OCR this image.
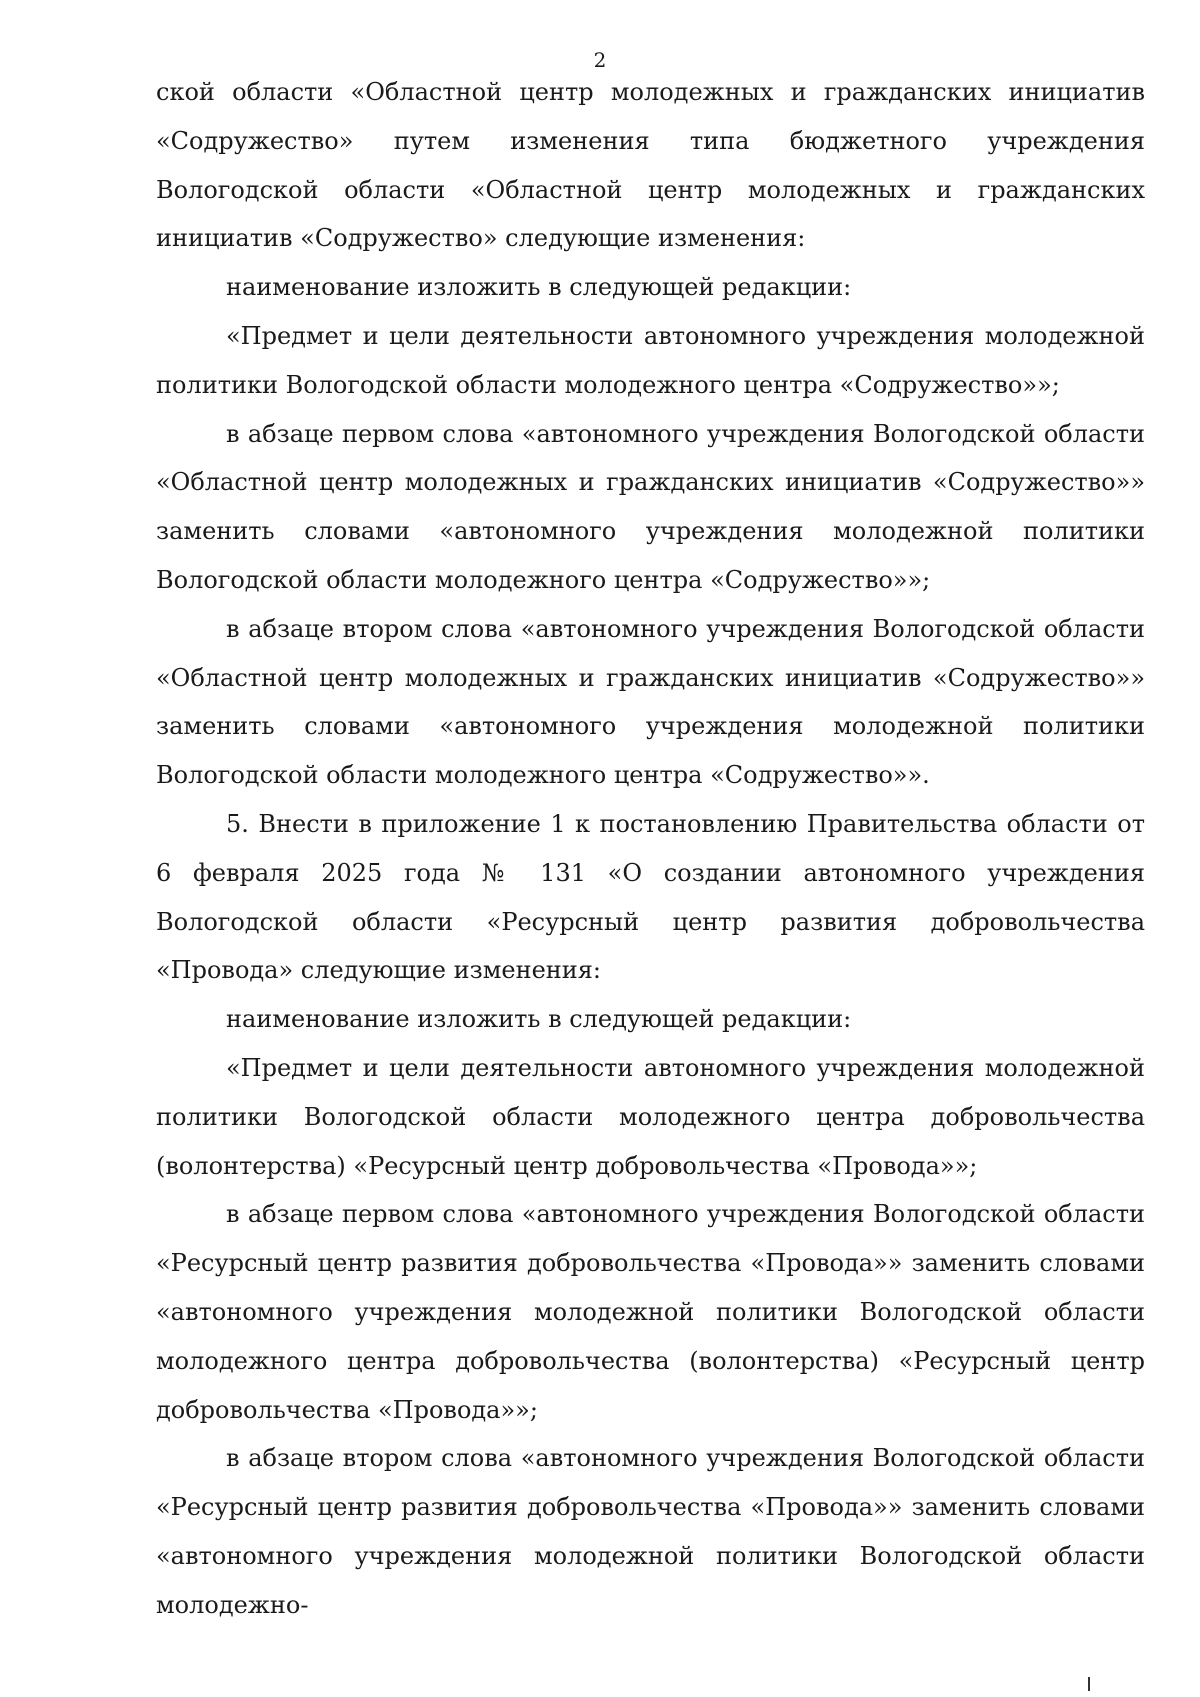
2

ской области «Областной центр молодежных и гражданских инициатив «Содружество» путем изменения типа бюджетного учреждения Вологодской области «Областной центр молодежных и гражданских инициатив «Содружество» следующие изменения:

наименование изложить в следующей редакции:

«Предмет и цели деятельности автономного учреждения молодежной политики Вологодской области молодежного центра «Содружество»»;

в абзаце первом слова «автономного учреждения Вологодской области «Областной центр молодежных и гражданских инициатив «Содружество»» заменить словами «автономного учреждения молодежной политики Вологодской области молодежного центра «Содружество»»;

в абзаце втором слова «автономного учреждения Вологодской области «Областной центр молодежных и гражданских инициатив «Содружество»» заменить словами «автономного учреждения молодежной политики Вологодской области молодежного центра «Содружество»».

5. Внести в приложение 1 к постановлению Правительства области от 6 февраля 2025 года № 131 «О создании автономного учреждения Вологодской области «Ресурсный центр развития добровольчества «Провода» следующие изменения:

наименование изложить в следующей редакции:

«Предмет и цели деятельности автономного учреждения молодежной политики Вологодской области молодежного центра добровольчества (волонтерства) «Ресурсный центр добровольчества «Провода»»;

в абзаце первом слова «автономного учреждения Вологодской области «Ресурсный центр развития добровольчества «Провода»» заменить словами «автономного учреждения молодежной политики Вологодской области молодежного центра добровольчества (волонтерства) «Ресурсный центр добровольчества «Провода»»;

в абзаце втором слова «автономного учреждения Вологодской области «Ресурсный центр развития добровольчества «Провода»» заменить словами «автономного учреждения молодежной политики Вологодской области молодежно-
